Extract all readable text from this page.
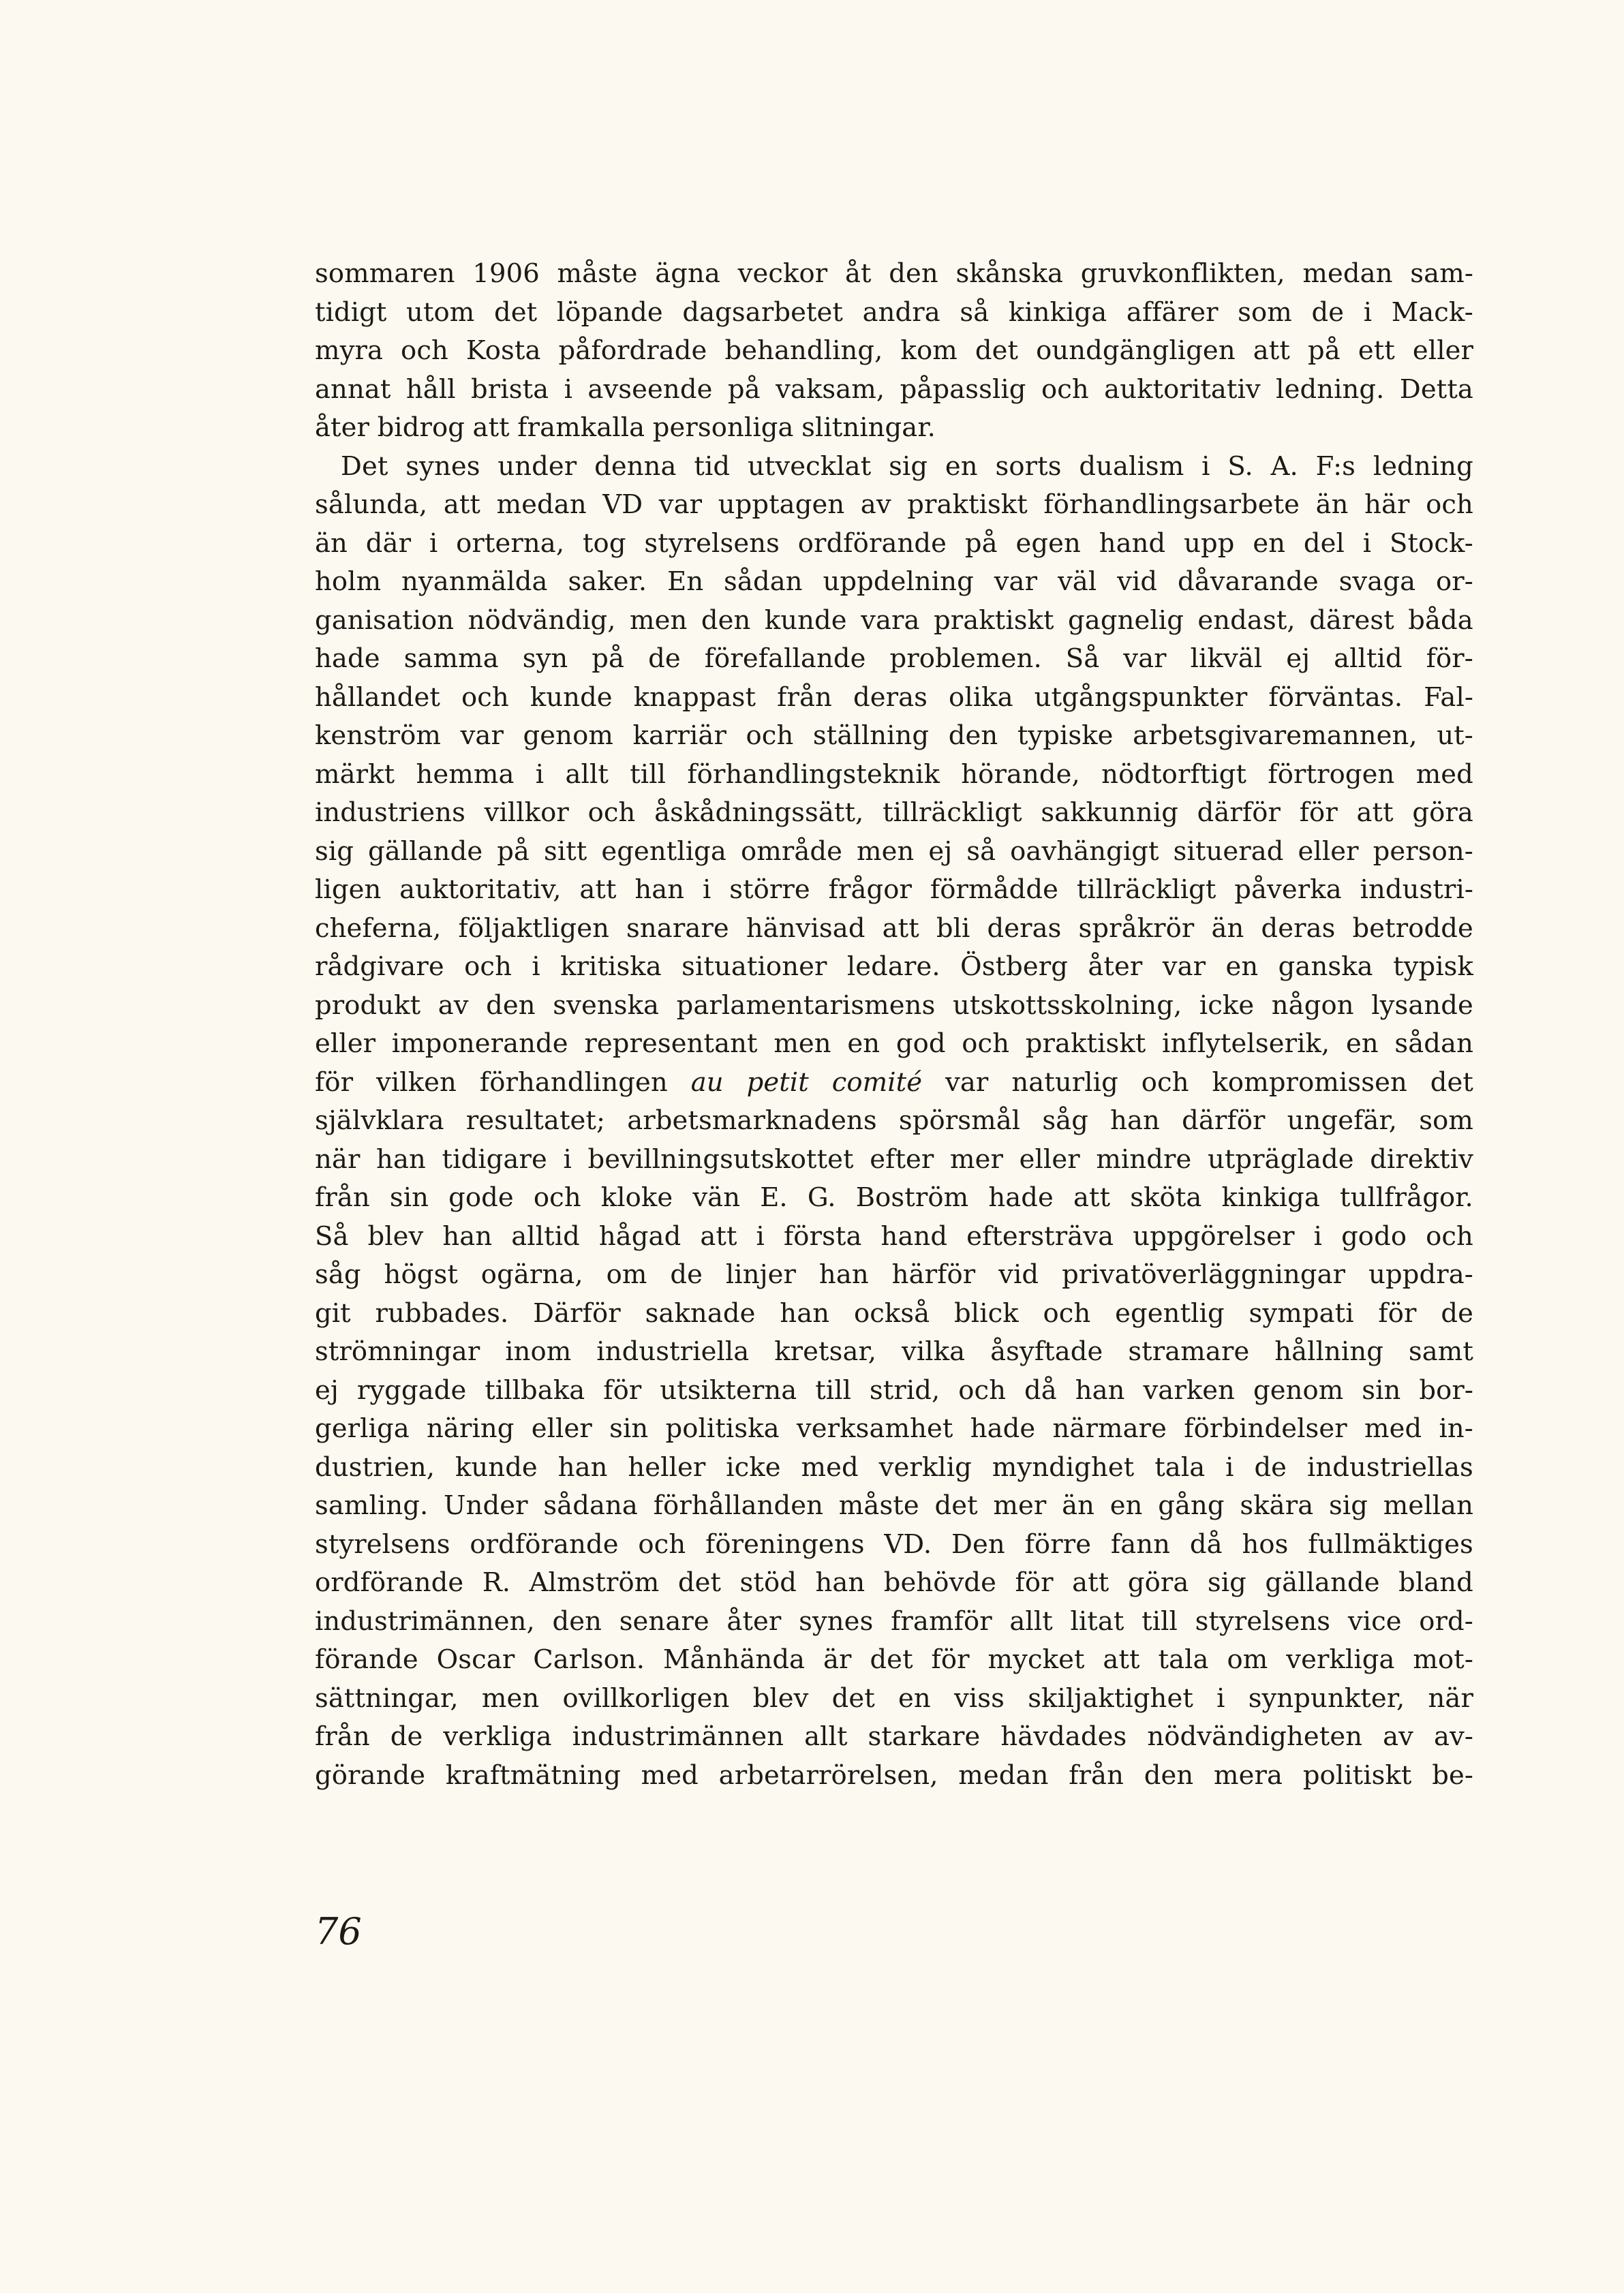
sommaren 1906 måste ägna veckor åt den skånska gruvkonflikten, medan sam-
tidigt utom det löpande dagsarbetet andra så kinkiga affärer som de i Mack-
myra och Kosta påfordrade behandling, kom det oundgängligen att på ett eller
annat håll brista i avseende på vaksam, påpasslig och auktoritativ ledning. Detta
åter bidrog att framkalla personliga slitningar.
Det synes under denna tid utvecklat sig en sorts dualism i S. A. F:s ledning
sålunda, att medan VD var upptagen av praktiskt förhandlingsarbete än här och
än där i orterna, tog styrelsens ordförande på egen hand upp en del i Stock-
holm nyanmälda saker. En sådan uppdelning var väl vid dåvarande svaga or-
ganisation nödvändig, men den kunde vara praktiskt gagnelig endast, därest båda
hade samma syn på de förefallande problemen. Så var likväl ej alltid för-
hållandet och kunde knappast från deras olika utgångspunkter förväntas. Fal-
kenström var genom karriär och ställning den typiske arbetsgivaremannen, ut-
märkt hemma i allt till förhandlingsteknik hörande, nödtorftigt förtrogen med
industriens villkor och åskådningssätt, tillräckligt sakkunnig därför för att göra
sig gällande på sitt egentliga område men ej så oavhängigt situerad eller person-
ligen auktoritativ, att han i större frågor förmådde tillräckligt påverka industri-
cheferna, följaktligen snarare hänvisad att bli deras språkrör än deras betrodde
rådgivare och i kritiska situationer ledare. Östberg åter var en ganska typisk
produkt av den svenska parlamentarismens utskottsskolning, icke någon lysande
eller imponerande representant men en god och praktiskt inflytelserik, en sådan
för vilken förhandlingen au petit comité var naturlig och kompromissen det
självklara resultatet; arbetsmarknadens spörsmål såg han därför ungefär, som
när han tidigare i bevillningsutskottet efter mer eller mindre utpräglade direktiv
från sin gode och kloke vän E. G. Boström hade att sköta kinkiga tullfrågor.
Så blev han alltid hågad att i första hand eftersträva uppgörelser i godo och
såg högst ogärna, om de linjer han härför vid privatöverläggningar uppdra-
git rubbades. Därför saknade han också blick och egentlig sympati för de
strömningar inom industriella kretsar, vilka åsyftade stramare hållning samt
ej ryggade tillbaka för utsikterna till strid, och då han varken genom sin bor-
gerliga näring eller sin politiska verksamhet hade närmare förbindelser med in-
dustrien, kunde han heller icke med verklig myndighet tala i de industriellas
samling. Under sådana förhållanden måste det mer än en gång skära sig mellan
styrelsens ordförande och föreningens VD. Den förre fann då hos fullmäktiges
ordförande R. Almström det stöd han behövde för att göra sig gällande bland
industrimännen, den senare åter synes framför allt litat till styrelsens vice ord-
förande Oscar Carlson. Månhända är det för mycket att tala om verkliga mot-
sättningar, men ovillkorligen blev det en viss skiljaktighet i synpunkter, när
från de verkliga industrimännen allt starkare hävdades nödvändigheten av av-
görande kraftmätning med arbetarrörelsen, medan från den mera politiskt be-
76
